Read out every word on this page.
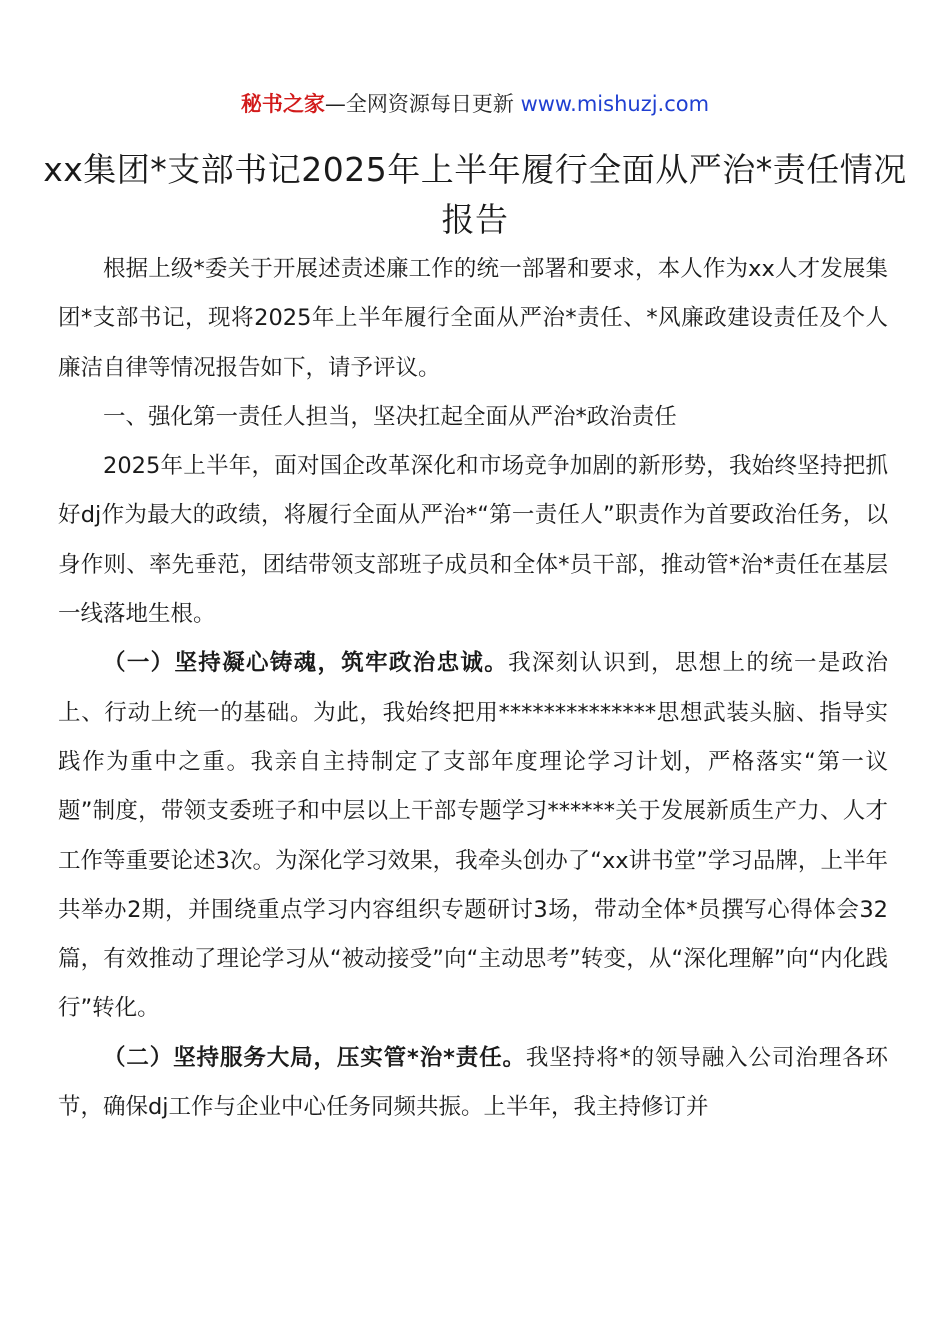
秘书之家—全网资源每日更新 www.mishuzj.com
xx集团*支部书记2025年上半年履行全面从严治*责任情况报告

根据上级*委关于开展述责述廉工作的统一部署和要求，本人作为xx人才发展集团*支部书记，现将2025年上半年履行全面从严治*责任、*风廉政建设责任及个人廉洁自律等情况报告如下，请予评议。

一、强化第一责任人担当，坚决扛起全面从严治*政治责任

2025年上半年，面对国企改革深化和市场竞争加剧的新形势，我始终坚持把抓好dj作为最大的政绩，将履行全面从严治*“第一责任人”职责作为首要政治任务，以身作则、率先垂范，团结带领支部班子成员和全体*员干部，推动管*治*责任在基层一线落地生根。

（一）坚持凝心铸魂，筑牢政治忠诚。我深刻认识到，思想上的统一是政治上、行动上统一的基础。为此，我始终把用**************思想武装头脑、指导实践作为重中之重。我亲自主持制定了支部年度理论学习计划，严格落实“第一议题”制度，带领支委班子和中层以上干部专题学习******关于发展新质生产力、人才工作等重要论述3次。为深化学习效果，我牵头创办了“xx讲书堂”学习品牌，上半年共举办2期，并围绕重点学习内容组织专题研讨3场，带动全体*员撰写心得体会32篇，有效推动了理论学习从“被动接受”向“主动思考”转变，从“深化理解”向“内化践行”转化。

（二）坚持服务大局，压实管*治*责任。我坚持将*的领导融入公司治理各环节，确保dj工作与企业中心任务同频共振。上半年，我主持修订并
